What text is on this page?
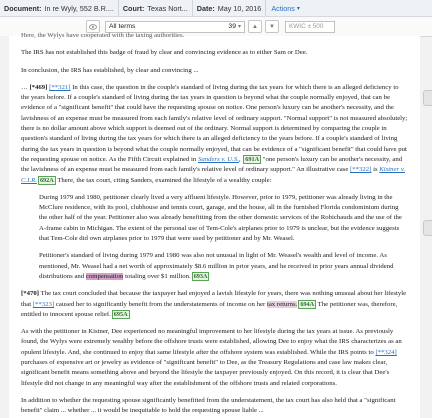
Document: In re Wyly, 552 B.R.... Court: Texas Nort... Date: May 10, 2016 Actions ▾
All terms	39 ▾ ▲ ▼ KWIC ± 500

Here, the Wylys have cooperated with the taxing authorities.

The IRS has not established this badge of fraud by clear and convincing evidence as to either Sam or Dee.

In conclusion, the IRS has established, by clear and convincing ...

… [*469] [**321] In this case, the question in the couple's standard of living during the tax years for which there is an alleged deficiency to the years before. If a couple's standard of living during the tax years in question is beyond what the couple normally enjoyed, that can be evidence of a "significant benefit" that could have the requesting spouse on notice. One person's luxury can be another's necessity, and the lavishness of an expense must be measured from each family's relative level of ordinary support. "Normal support" is not measured absolutely; there is no dollar amount above which support is deemed out of the ordinary. Normal support is determined by comparing the couple in question's standard of living during the tax years for which there is an alleged deficiency to the years before. If a couple's standard of living during the tax years in question is beyond what the couple normally enjoyed, that can be evidence of a "significant benefit" that could have put the requesting spouse on notice. As the Fifth Circuit explained in Sanders v. U.S., 691A "one person's luxury can be another's necessity, and the lavishness of an expense must be measured from each family's relative level of ordinary support." An illustrative case [**322] is Kistner v. C.I.R. 692A There, the tax court, citing Sanders, examined the lifestyle of a wealthy couple:

During 1979 and 1980, petitioner clearly lived a very affluent lifestyle. However, prior to 1979, petitioner was already living in the McClure residence, with its pool, clubhouse and tennis court, garage, and the house, all in the furnished Florida condominium during the other half of the year. Petitioner also was already benefitting from the other domestic services of the Robichauds and the use of the A-frame cabin in Michigan. The extent of the personal use of Tem-Cole's airplanes prior to 1979 is unclear, but the evidence suggests that Tem-Cole did own airplanes prior to 1979 that were used by petitioner and by Mr. Weasel.

Petitioner's standard of living during 1979 and 1980 was also not unusual in light of Mr. Weasel's wealth and level of income. As mentioned, Mr. Weasel had a net worth of approximately $8.6 million in prior years, and he received in prior years annual dividend distributions and compensation totaling over $1 million. 693A

[*470] The tax court concluded that because the taxpayer had enjoyed a lavish lifestyle for years, there was nothing unusual about her lifestyle that [**323] caused her to significantly benefit from the understatements of income on her tax returns. 694A The petitioner was, therefore, entitled to innocent spouse relief. 695A

As with the petitioner in Kistner, Dee experienced no meaningful improvement to her lifestyle during the tax years at issue. As previously found, the Wylys were extremely wealthy before the offshore trusts were established, allowing Dee to enjoy what the IRS characterizes as an opulent lifestyle. And, she continued to enjoy that same lifestyle after the offshore system was established. While the IRS points to [**324] purchases of expensive art or jewelry as evidence of "significant benefit" to Dee, as the Treasury Regulations and case law makes clear, significant benefit means something above and beyond the lifestyle the taxpayer previously enjoyed. On this record, it is clear that Dee's lifestyle did not change in any meaningful way after the establishment of the offshore trusts and related corporations.

In addition to whether the requesting spouse significantly benefitted from the understatement, the tax court has also held that a "significant benefit" claim ... whether ... it would be inequitable to hold the requesting spouse liable ...
